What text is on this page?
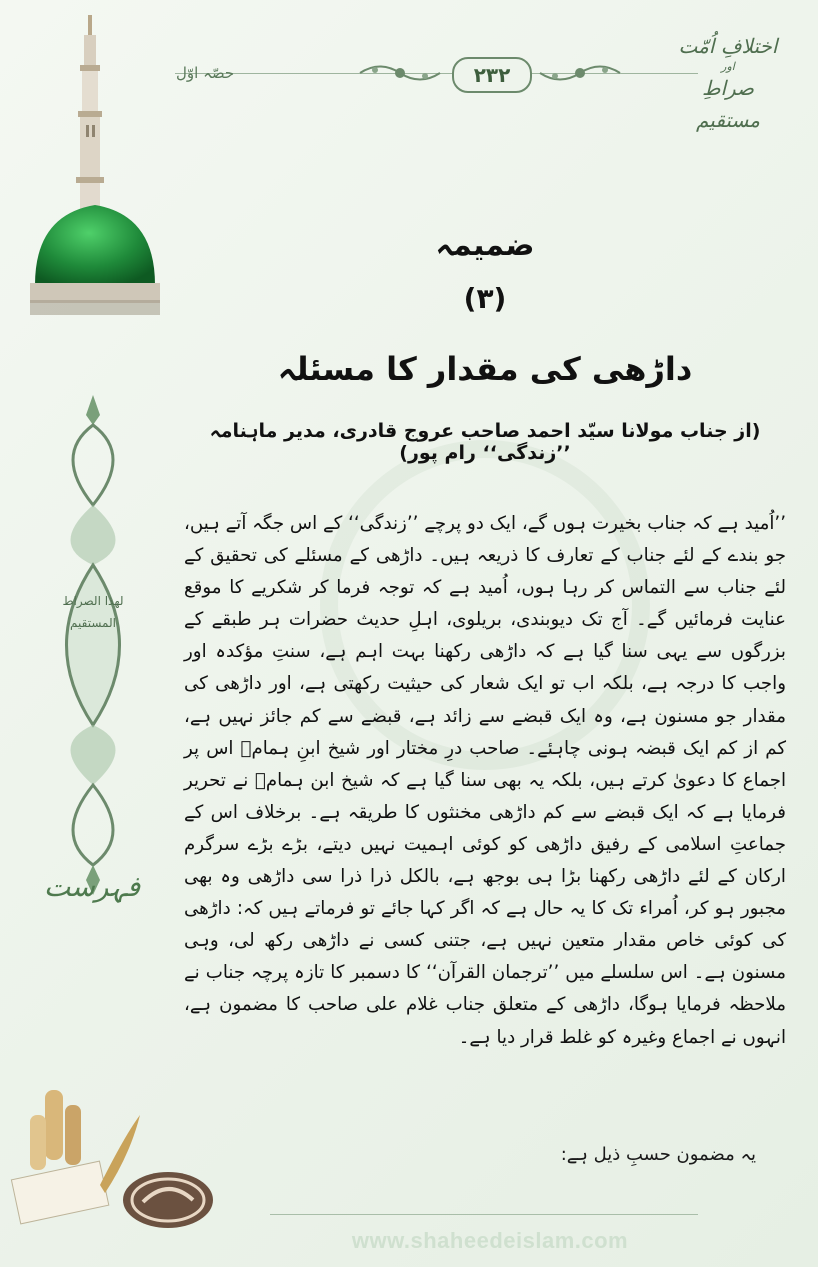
حصّہ اوّل	۲۳۲
اختلافِ اُمّت
اور
صراطِ مستقیم
لھذا الصراط المستقیم
فہرست
ضمیمہ
(۳)
داڑھی کی مقدار کا مسئلہ
(از جناب مولانا سیّد احمد صاحب عروج قادری، مدیر ماہنامہ ’’زندگی‘‘ رام پور)
’’اُمید ہے کہ جناب بخیرت ہوں گے، ایک دو پرچے ’’زندگی‘‘ کے اس جگہ آتے ہیں، جو بندے کے لئے جناب کے تعارف کا ذریعہ ہیں۔ داڑھی کے مسئلے کی تحقیق کے لئے جناب سے التماس کر رہا ہوں، اُمید ہے کہ توجہ فرما کر شکریے کا موقع عنایت فرمائیں گے۔ آج تک دیوبندی، بریلوی، اہلِ حدیث حضرات ہر طبقے کے بزرگوں سے یہی سنا گیا ہے کہ داڑھی رکھنا بہت اہم ہے، سنتِ مؤکدہ اور واجب کا درجہ ہے، بلکہ اب تو ایک شعار کی حیثیت رکھتی ہے، اور داڑھی کی مقدار جو مسنون ہے، وہ ایک قبضے سے زائد ہے، قبضے سے کم جائز نہیں ہے، کم از کم ایک قبضہ ہونی چاہئے۔ صاحب درِ مختار اور شیخ ابنِ ہمامؒ اس پر اجماع کا دعویٰ کرتے ہیں، بلکہ یہ بھی سنا گیا ہے کہ شیخ ابن ہمامؒ نے تحریر فرمایا ہے کہ ایک قبضے سے کم داڑھی مخنثوں کا طریقہ ہے۔ برخلاف اس کے جماعتِ اسلامی کے رفیق داڑھی کو کوئی اہمیت نہیں دیتے، بڑے بڑے سرگرم ارکان کے لئے داڑھی رکھنا بڑا ہی بوجھ ہے، بالکل ذرا ذرا سی داڑھی وہ بھی مجبور ہو کر، اُمراء تک کا یہ حال ہے کہ اگر کہا جائے تو فرماتے ہیں کہ: داڑھی کی کوئی خاص مقدار متعین نہیں ہے، جتنی کسی نے داڑھی رکھ لی، وہی مسنون ہے۔ اس سلسلے میں ’’ترجمان القرآن‘‘ کا دسمبر کا تازہ پرچہ جناب نے ملاحظہ فرمایا ہوگا، داڑھی کے متعلق جناب غلام علی صاحب کا مضمون ہے، انہوں نے اجماع وغیرہ کو غلط قرار دیا ہے۔
یہ مضمون حسبِ ذیل ہے:
www.shaheedeislam.com
